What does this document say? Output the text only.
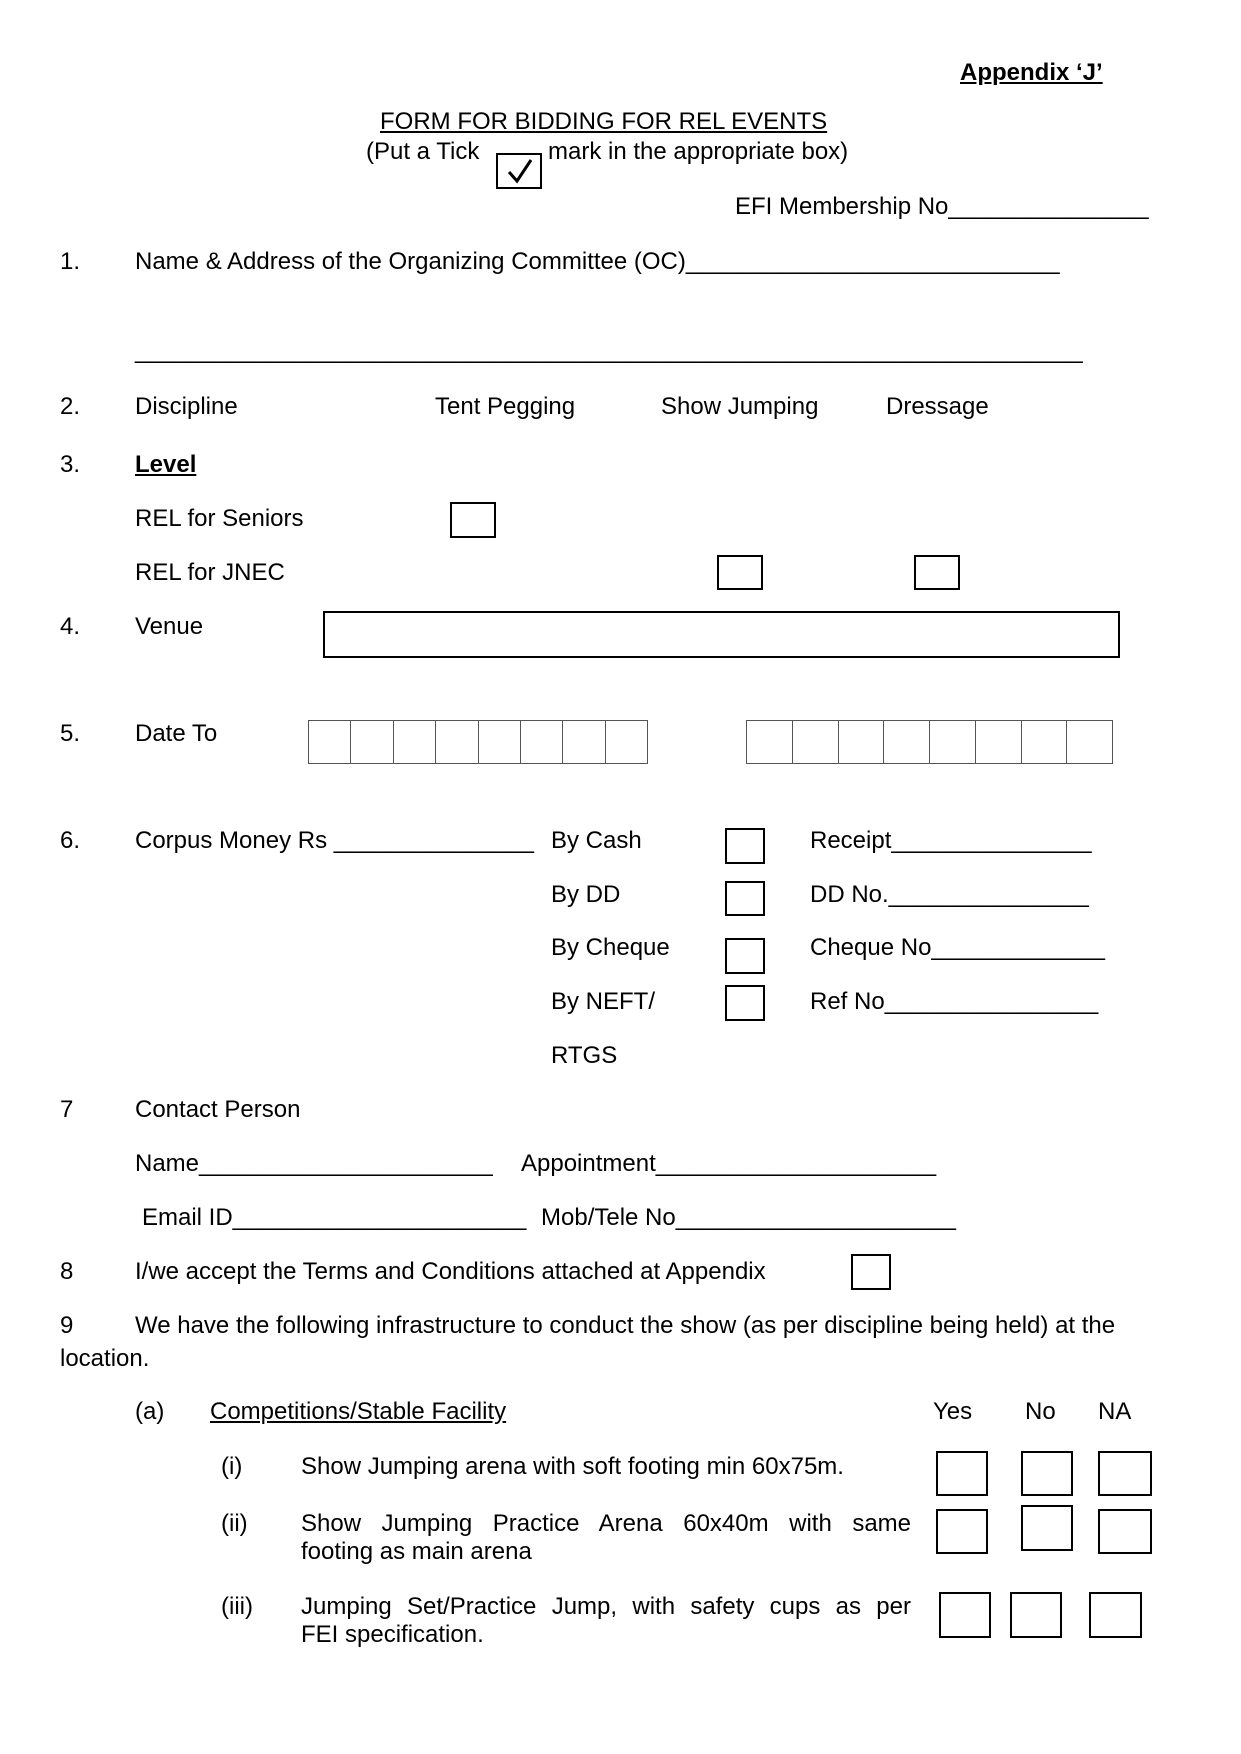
Appendix ‘J’
FORM FOR BIDDING FOR REL EVENTS
(Put a Tick	mark in the appropriate box)
EFI Membership No_______________
1. Name & Address of the Organizing Committee (OC)____________________________
_______________________________________________________________________
2. Discipline	Tent Pegging	Show Jumping	Dressage
3. Level
REL for Seniors
REL for JNEC
4. Venue
5. Date To
6. Corpus Money Rs _______________ By Cash	Receipt_______________
By DD	DD No._______________
By Cheque	Cheque No_____________
By NEFT/	Ref No________________
RTGS
7	Contact Person
Name______________________ Appointment_____________________
Email ID______________________ Mob/Tele No_____________________
8	I/we accept the Terms and Conditions attached at Appendix
9	We have the following infrastructure to conduct the show (as per discipline being held) at the
location.
(a) Competitions/Stable Facility	Yes No NA
(i) Show Jumping arena with soft footing min 60x75m.
(ii) Show Jumping Practice Arena 60x40m with same
footing as main arena
(iii) Jumping Set/Practice Jump, with safety cups as per
FEI specification.
